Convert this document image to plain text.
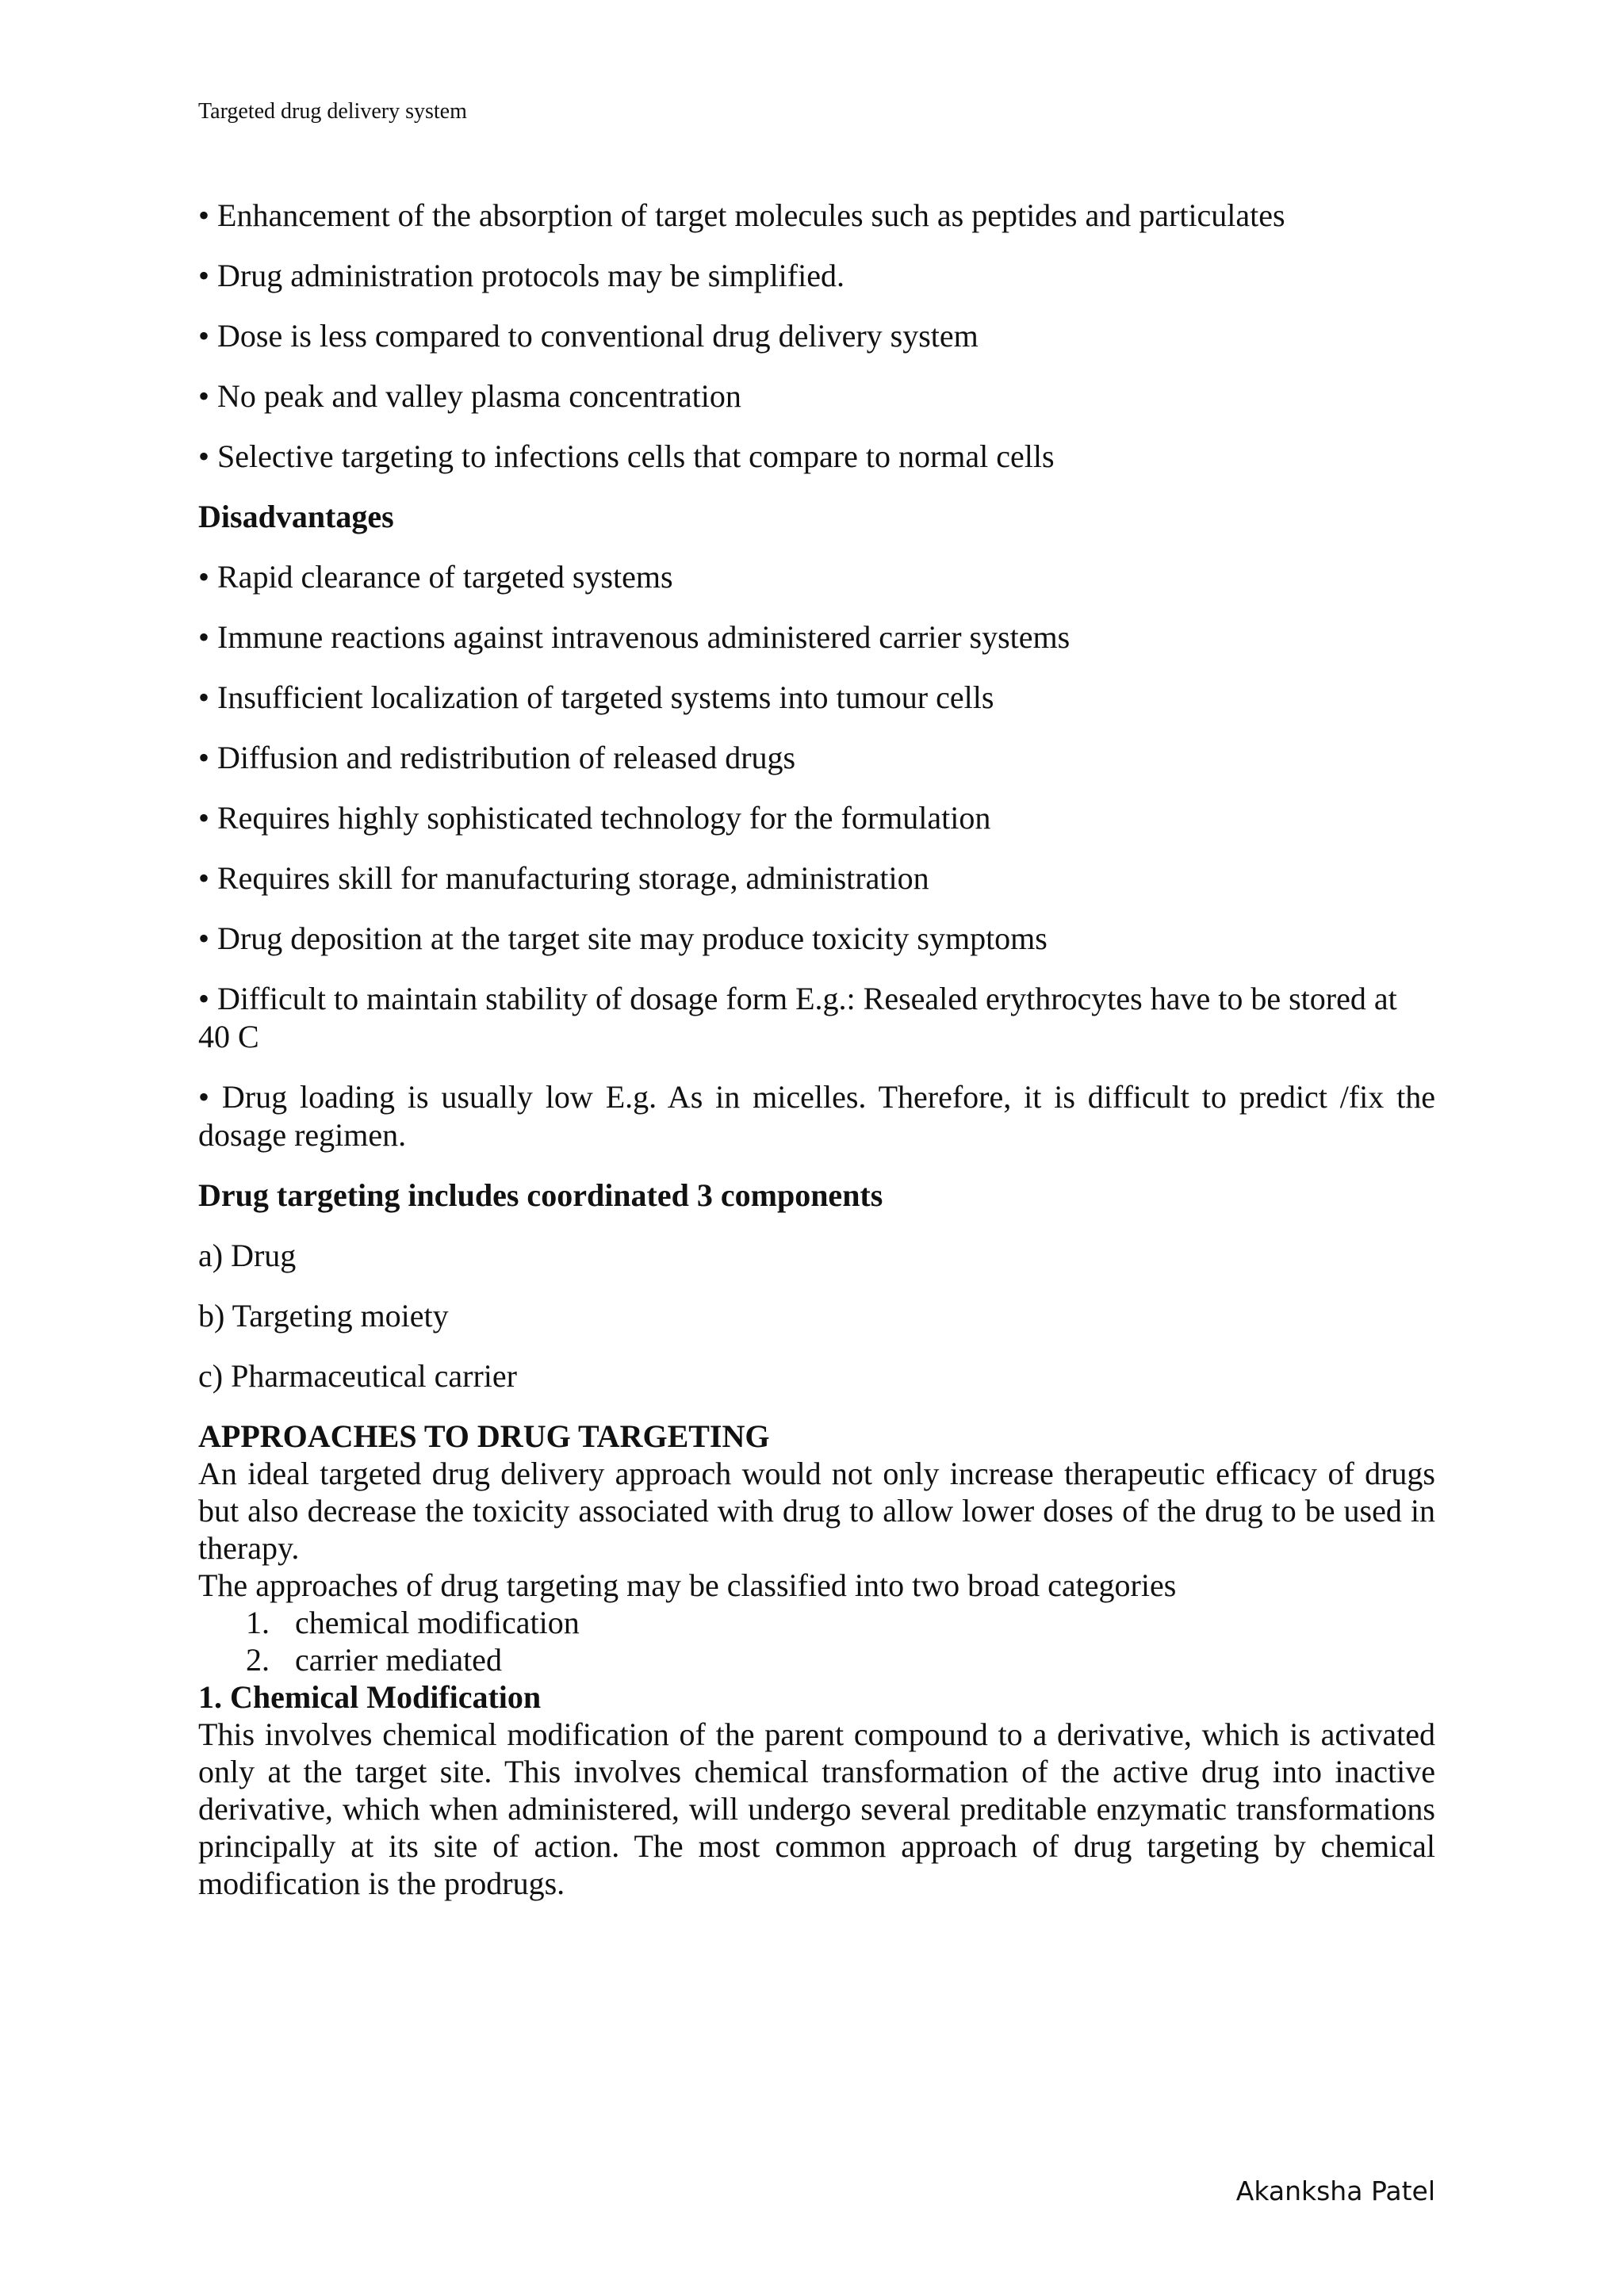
Targeted drug delivery system

• Enhancement of the absorption of target molecules such as peptides and particulates

• Drug administration protocols may be simplified.

• Dose is less compared to conventional drug delivery system

• No peak and valley plasma concentration

• Selective targeting to infections cells that compare to normal cells

Disadvantages

• Rapid clearance of targeted systems

• Immune reactions against intravenous administered carrier systems

• Insufficient localization of targeted systems into tumour cells

• Diffusion and redistribution of released drugs

• Requires highly sophisticated technology for the formulation

• Requires skill for manufacturing storage, administration

• Drug deposition at the target site may produce toxicity symptoms

• Difficult to maintain stability of dosage form E.g.: Resealed erythrocytes have to be stored at 40 C

• Drug loading is usually low E.g. As in micelles. Therefore, it is difficult to predict /fix the dosage regimen.

Drug targeting includes coordinated 3 components

a) Drug

b) Targeting moiety

c) Pharmaceutical carrier

APPROACHES TO DRUG TARGETING

An ideal targeted drug delivery approach would not only increase therapeutic efficacy of drugs but also decrease the toxicity associated with drug to allow lower doses of the drug to be used in therapy.

The approaches of drug targeting may be classified into two broad categories

1. chemical modification

2. carrier mediated

1. Chemical Modification

This involves chemical modification of the parent compound to a derivative, which is activated only at the target site. This involves chemical transformation of the active drug into inactive derivative, which when administered, will undergo several preditable enzymatic transformations principally at its site of action. The most common approach of drug targeting by chemical modification is the prodrugs.

Akanksha Patel
